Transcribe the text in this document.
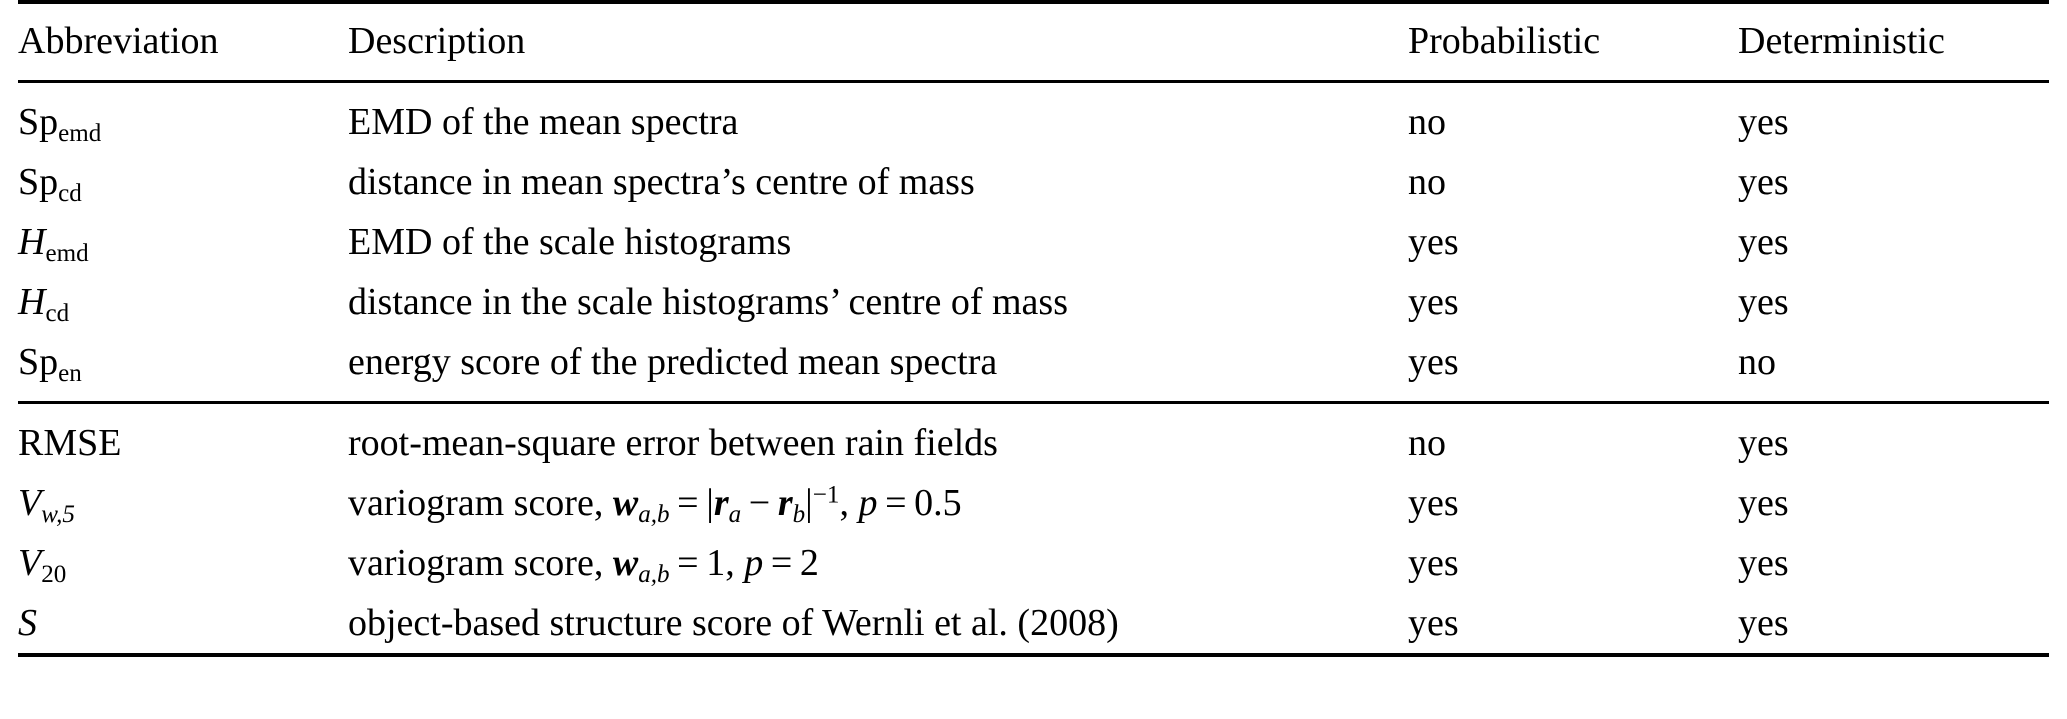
Abbreviation	Description	Probabilistic	Deterministic
$Sp_{emd}$	EMD of the mean spectra	no	yes
$Sp_{cd}$	distance in mean spectra’s centre of mass	no	yes
$H_{emd}$	EMD of the scale histograms	yes	yes
$H_{cd}$	distance in the scale histograms’ centre of mass	yes	yes
$Sp_{en}$	energy score of the predicted mean spectra	yes	no
RMSE	root-mean-square error between rain fields	no	yes
$V_{w,5}$	variogram score, $w_{a,b} = |r_a - r_b|^{-1}$, p  =  0.5	yes	yes
$V_{20}$	variogram score, $w_{a,b} = 1$, p  =  2	yes	yes
S	object-based structure score of Wernli et al. (2008)	yes	yes
